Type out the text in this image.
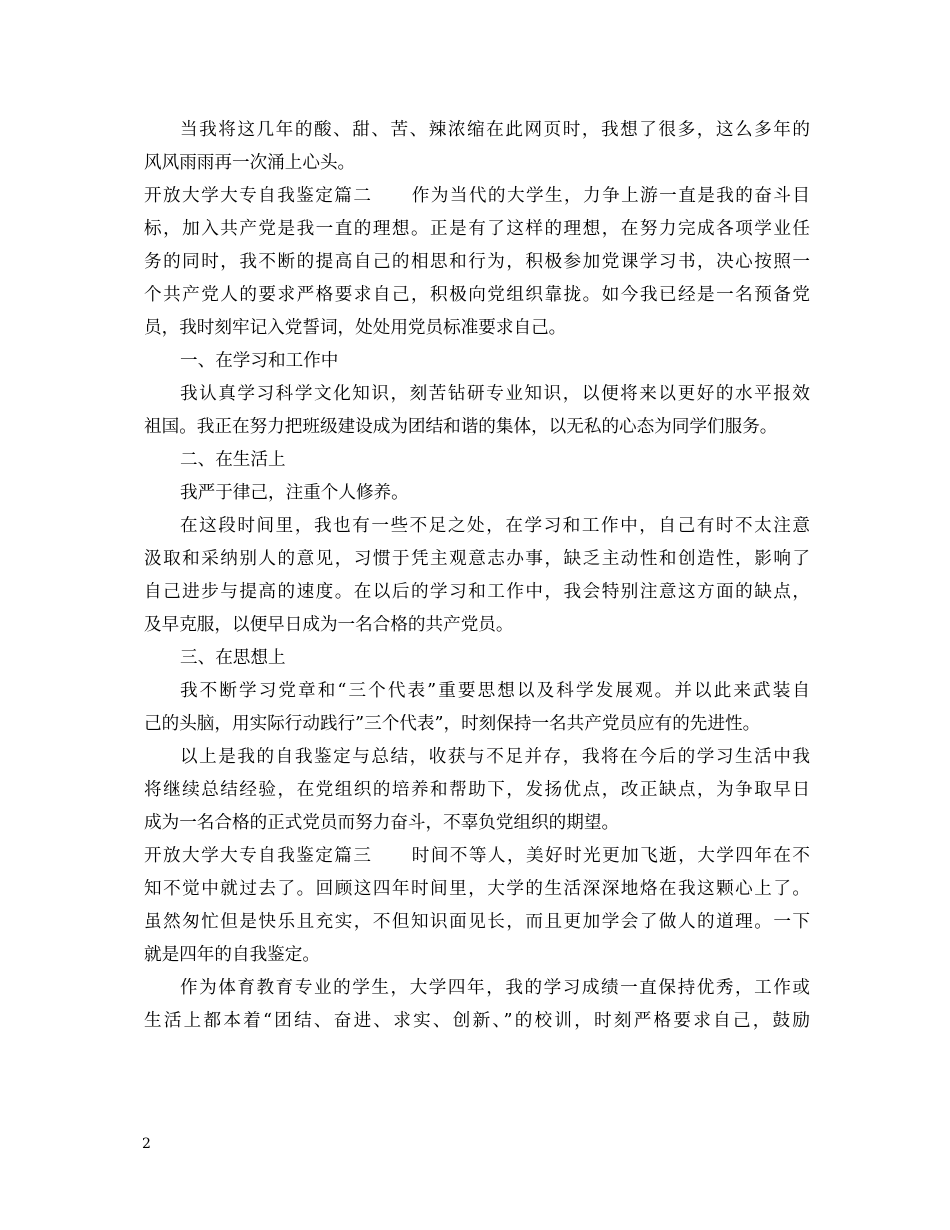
当我将这几年的酸、甜、苦、辣浓缩在此网页时，我想了很多，这么多年的
风风雨雨再一次涌上心头。
开放大学大专自我鉴定篇二 作为当代的大学生，力争上游一直是我的奋斗目
标，加入共产党是我一直的理想。正是有了这样的理想，在努力完成各项学业任
务的同时，我不断的提高自己的相思和行为，积极参加党课学习书，决心按照一
个共产党人的要求严格要求自己，积极向党组织靠拢。如今我已经是一名预备党
员，我时刻牢记入党誓词，处处用党员标准要求自己。
一、在学习和工作中
我认真学习科学文化知识，刻苦钻研专业知识，以便将来以更好的水平报效
祖国。我正在努力把班级建设成为团结和谐的集体，以无私的心态为同学们服务。
二、在生活上
我严于律己，注重个人修养。
在这段时间里，我也有一些不足之处，在学习和工作中，自己有时不太注意
汲取和采纳别人的意见，习惯于凭主观意志办事，缺乏主动性和创造性，影响了
自己进步与提高的速度。在以后的学习和工作中，我会特别注意这方面的缺点，
及早克服，以便早日成为一名合格的共产党员。
三、在思想上
我不断学习党章和“三个代表”重要思想以及科学发展观。并以此来武装自
己的头脑，用实际行动践行”三个代表”，时刻保持一名共产党员应有的先进性。
以上是我的自我鉴定与总结，收获与不足并存，我将在今后的学习生活中我
将继续总结经验，在党组织的培养和帮助下，发扬优点，改正缺点，为争取早日
成为一名合格的正式党员而努力奋斗，不辜负党组织的期望。
开放大学大专自我鉴定篇三 时间不等人，美好时光更加飞逝，大学四年在不
知不觉中就过去了。回顾这四年时间里，大学的生活深深地烙在我这颗心上了。
虽然匆忙但是快乐且充实，不但知识面见长，而且更加学会了做人的道理。一下
就是四年的自我鉴定。
作为体育教育专业的学生，大学四年，我的学习成绩一直保持优秀，工作或
生活上都本着“团结、奋进、求实、创新、”的校训，时刻严格要求自己，鼓励
2
